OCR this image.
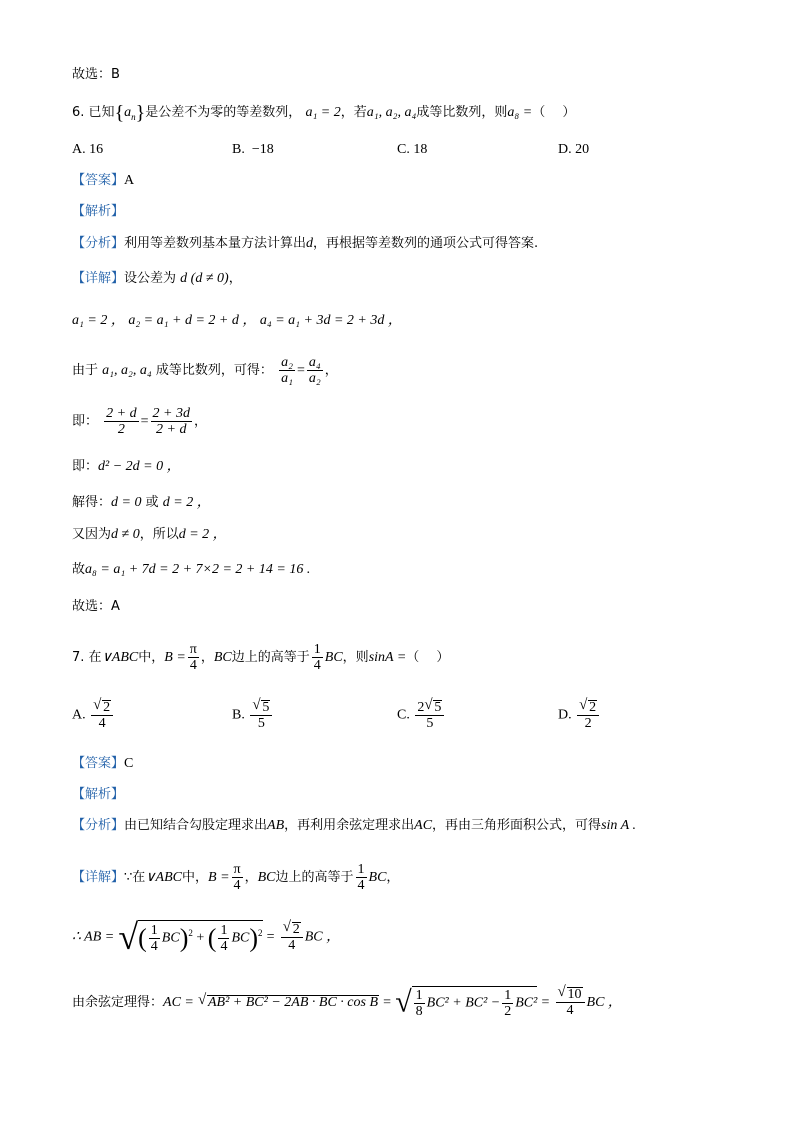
故选：B
6. 已知$\{a_n\}$是公差不为零的等差数列， a₁ = 2，若a₁, a₂, a₄成等比数列，则a₈ =（　 ）
A. 16	B. −18	C. 18	D. 20
【答案】A
【解析】
【分析】利用等差数列基本量方法计算出d，再根据等差数列的通项公式可得答案.
【详解】设公差为 d (d ≠ 0)，
a₁ = 2 ， a₂ = a₁ + d = 2 + d ， a₄ = a₁ + 3d = 2 + 3d ，
由于 a₁, a₂, a₄ 成等比数列，可得： $\frac{\text{a₂}}{\text{a₁}} = \frac{\text{a₄}}{\text{a₂}}$ ，
即： $\frac{2 + d}{2} = \frac{2 + 3d}{2 + d}$ ，
即：d² − 2d = 0 ，
解得：d = 0 或 d = 2 ，
又因为d ≠ 0，所以d = 2 ，
故a₈ = a₁ + 7d = 2 + 7×2 = 2 + 14 = 16 .
故选：A
7. 在∨ABC中，$B = \frac{\pi}{4}$ ，BC边上的高等于 $\frac{1}{4}$ BC，则sinA =（　 ）
A. √ $\frac{2}{4}$	B. √ $\frac{5}{5}$	C. $\frac{2 √ 5}{5}$	D. √ $\frac{2}{2}$
【答案】C
【解析】
【分析】由已知结合勾股定理求出AB，再利用余弦定理求出AC，再由三角形面积公式，可得sin A .
【详解】∵在∨ABC中，$B = \frac{\pi}{4}$ ，BC边上的高等于 $\frac{1}{4}$ BC，
∴ AB = √( $\frac{1}{4} BC)^2$ + ( $\frac{1}{4} BC)^2$ = √ $\frac{2}{4}$ BC ，
由余弦定理得：AC = √ AB² + BC² − 2AB · BC · cos B = √ $\frac{1}{8} BC^2 + BC^2 - \frac{1}{2} BC^2$ = √ $\frac{10}{4}$ BC ，
